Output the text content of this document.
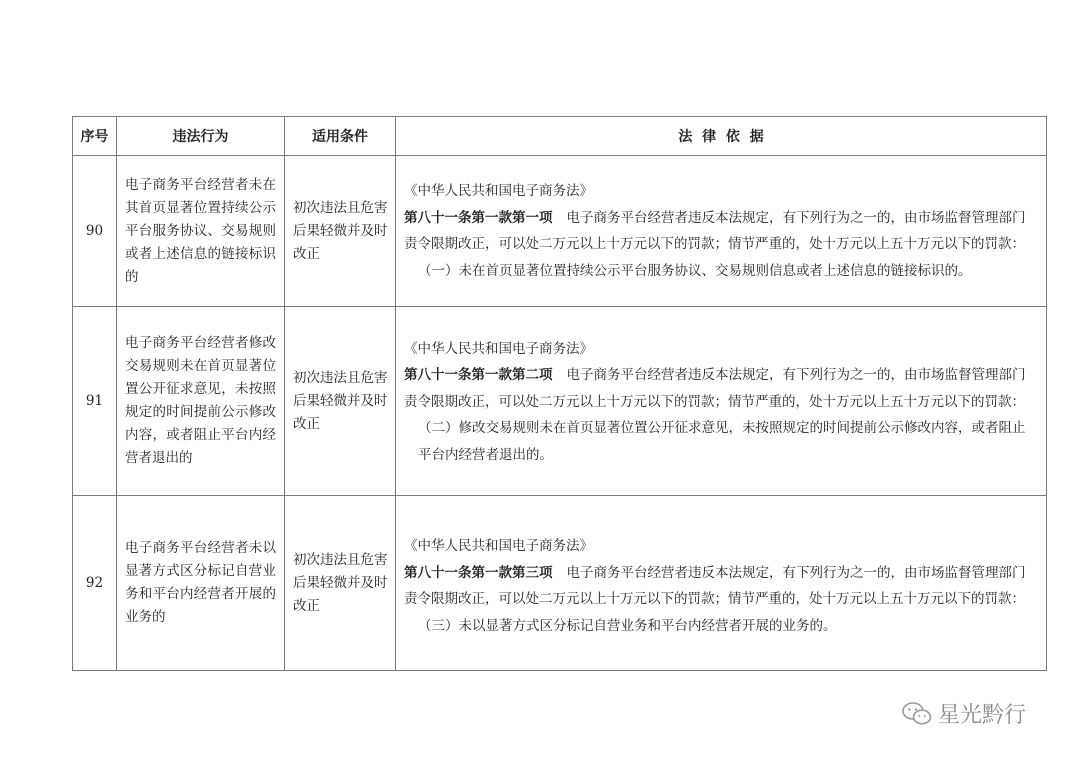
序号	违法行为	适用条件	法  律  依  据
90	电子商务平台经营者未在其首页显著位置持续公示平台服务协议、交易规则或者上述信息的链接标识的	初次违法且危害后果轻微并及时改正	《中华人民共和国电子商务法》
第八十一条第一款第一项 电子商务平台经营者违反本法规定，有下列行为之一的，由市场监督管理部门责令限期改正，可以处二万元以上十万元以下的罚款；情节严重的，处十万元以上五十万元以下的罚款：
（一）未在首页显著位置持续公示平台服务协议、交易规则信息或者上述信息的链接标识的。

91	电子商务平台经营者修改交易规则未在首页显著位置公开征求意见，未按照规定的时间提前公示修改内容，或者阻止平台内经营者退出的	初次违法且危害后果轻微并及时改正	《中华人民共和国电子商务法》
第八十一条第一款第二项 电子商务平台经营者违反本法规定，有下列行为之一的，由市场监督管理部门责令限期改正，可以处二万元以上十万元以下的罚款；情节严重的，处十万元以上五十万元以下的罚款：
（二）修改交易规则未在首页显著位置公开征求意见，未按照规定的时间提前公示修改内容，或者阻止平台内经营者退出的。

92	电子商务平台经营者未以显著方式区分标记自营业务和平台内经营者开展的业务的	初次违法且危害后果轻微并及时改正	《中华人民共和国电子商务法》
第八十一条第一款第三项 电子商务平台经营者违反本法规定，有下列行为之一的，由市场监督管理部门责令限期改正，可以处二万元以上十万元以下的罚款；情节严重的，处十万元以上五十万元以下的罚款：
（三）未以显著方式区分标记自营业务和平台内经营者开展的业务的。
星光黔行
